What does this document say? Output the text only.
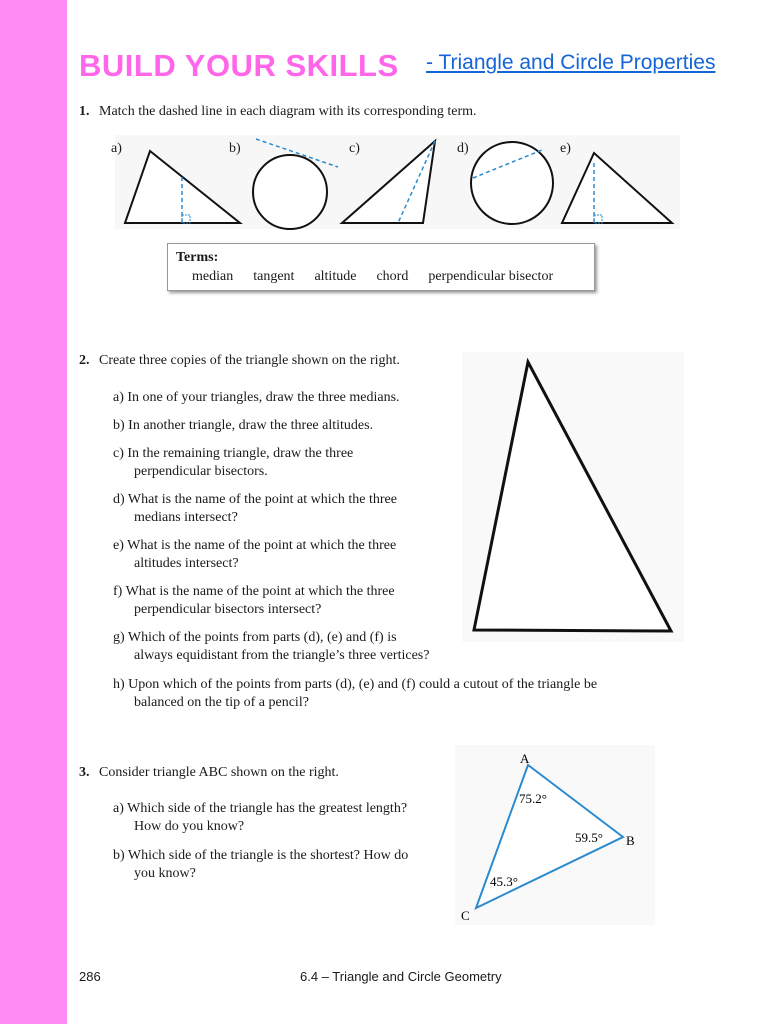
BUILD YOUR SKILLS - Triangle and Circle Properties
1. Match the dashed line in each diagram with its corresponding term.
a)	b)	c)	d)	e)
Terms:
median tangent altitude chord perpendicular bisector
2. Create three copies of the triangle shown on the right.
a) In one of your triangles, draw the three medians.
b) In another triangle, draw the three altitudes.
c) In the remaining triangle, draw the three
perpendicular bisectors.
d) What is the name of the point at which the three
medians intersect?
e) What is the name of the point at which the three
altitudes intersect?
f) What is the name of the point at which the three
perpendicular bisectors intersect?
g) Which of the points from parts (d), (e) and (f) is
always equidistant from the triangle’s three vertices?
h) Upon which of the points from parts (d), (e) and (f) could a cutout of the triangle be
balanced on the tip of a pencil?
3. Consider triangle ABC shown on the right.
a) Which side of the triangle has the greatest length?
How do you know?
b) Which side of the triangle is the shortest? How do
you know?
A
B
C
75.2°
59.5°
45.3°
286	6.4 – Triangle and Circle Geometry
